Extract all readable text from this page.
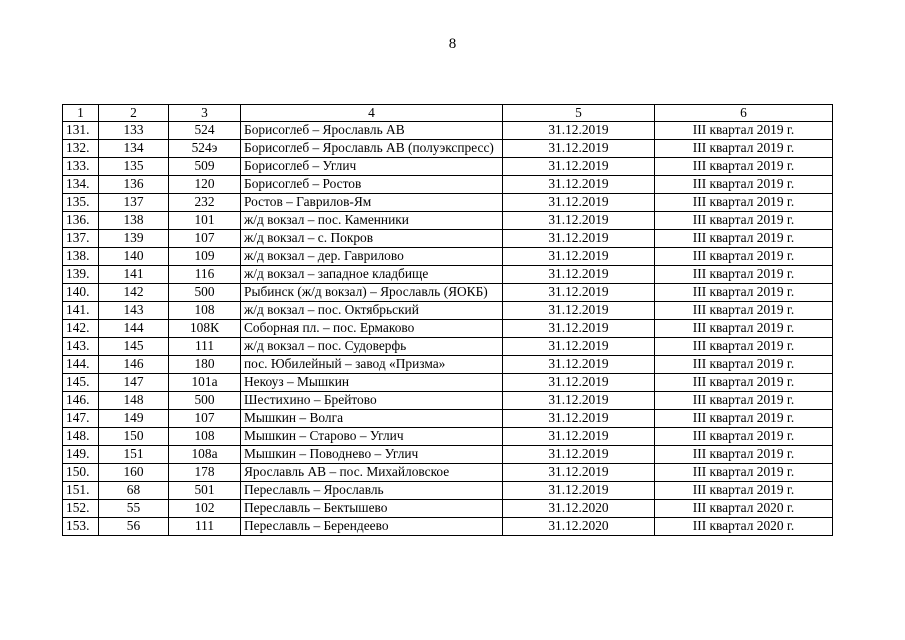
8
1	2	3	4	5	6
131.	133	524	Борисоглеб – Ярославль АВ	31.12.2019	III квартал 2019 г.
132.	134	524э	Борисоглеб – Ярославль АВ (полуэкспресс)	31.12.2019	III квартал 2019 г.
133.	135	509	Борисоглеб – Углич	31.12.2019	III квартал 2019 г.
134.	136	120	Борисоглеб – Ростов	31.12.2019	III квартал 2019 г.
135.	137	232	Ростов – Гаврилов-Ям	31.12.2019	III квартал 2019 г.
136.	138	101	ж/д вокзал – пос. Каменники	31.12.2019	III квартал 2019 г.
137.	139	107	ж/д вокзал – с. Покров	31.12.2019	III квартал 2019 г.
138.	140	109	ж/д вокзал – дер. Гаврилово	31.12.2019	III квартал 2019 г.
139.	141	116	ж/д вокзал – западное кладбище	31.12.2019	III квартал 2019 г.
140.	142	500	Рыбинск (ж/д вокзал) – Ярославль (ЯОКБ)	31.12.2019	III квартал 2019 г.
141.	143	108	ж/д вокзал – пос. Октябрьский	31.12.2019	III квартал 2019 г.
142.	144	108К	Соборная пл. – пос. Ермаково	31.12.2019	III квартал 2019 г.
143.	145	111	ж/д вокзал – пос. Судоверфь	31.12.2019	III квартал 2019 г.
144.	146	180	пос. Юбилейный – завод «Призма»	31.12.2019	III квартал 2019 г.
145.	147	101а	Некоуз – Мышкин	31.12.2019	III квартал 2019 г.
146.	148	500	Шестихино – Брейтово	31.12.2019	III квартал 2019 г.
147.	149	107	Мышкин – Волга	31.12.2019	III квартал 2019 г.
148.	150	108	Мышкин – Старово – Углич	31.12.2019	III квартал 2019 г.
149.	151	108а	Мышкин – Поводнево – Углич	31.12.2019	III квартал 2019 г.
150.	160	178	Ярославль АВ – пос. Михайловское	31.12.2019	III квартал 2019 г.
151.	68	501	Переславль – Ярославль	31.12.2019	III квартал 2019 г.
152.	55	102	Переславль – Бектышево	31.12.2020	III квартал 2020 г.
153.	56	111	Переславль – Берендеево	31.12.2020	III квартал 2020 г.
